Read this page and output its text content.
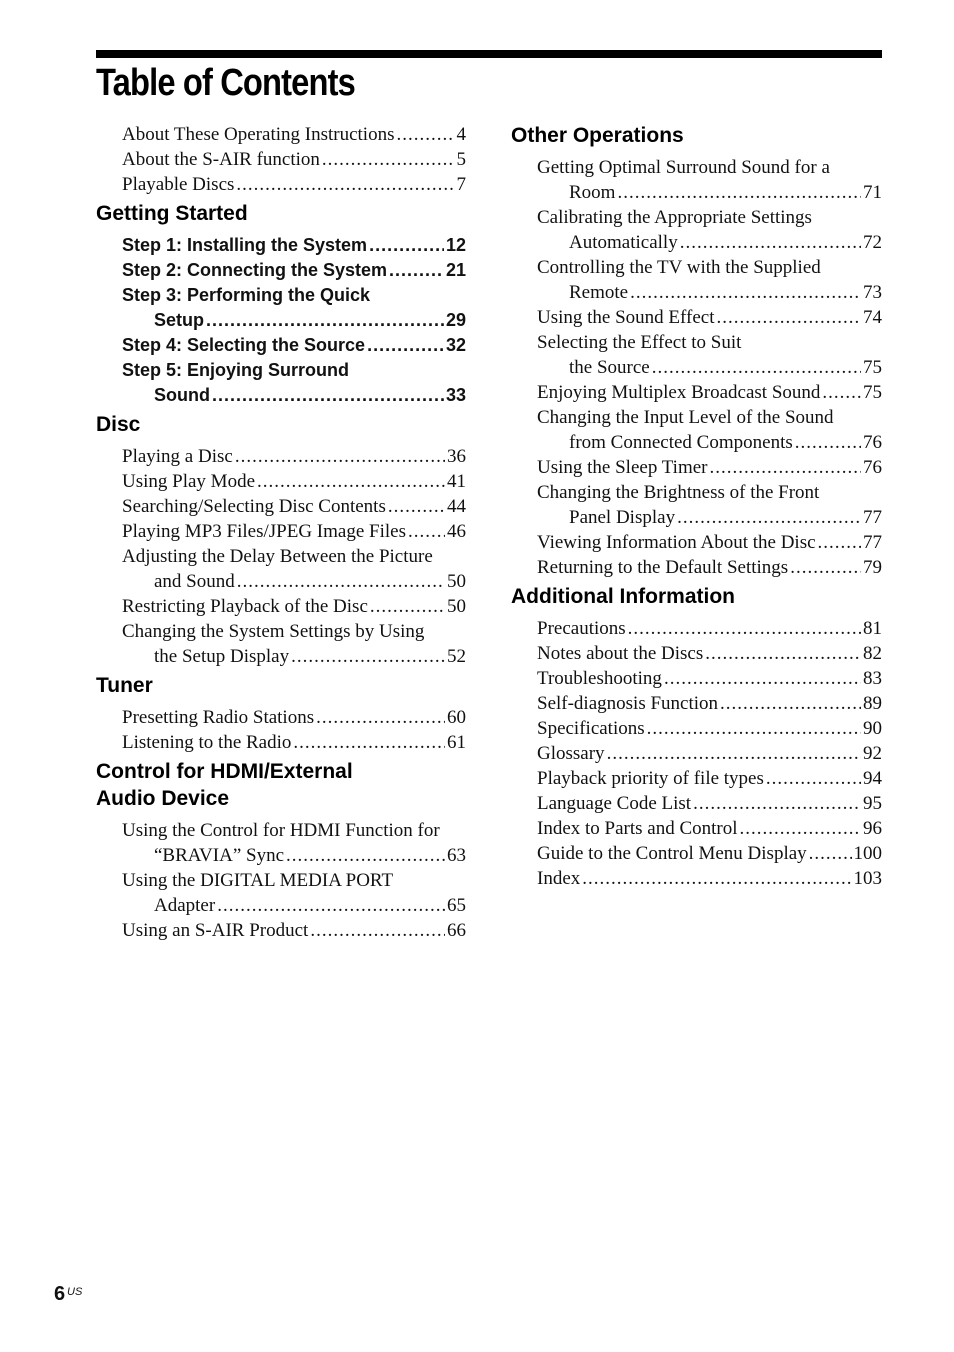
Table of Contents
About These Operating Instructions .....	4
About the S-AIR function .....	5
Playable Discs .....	7
Getting Started
Step 1: Installing the System .....	12
Step 2: Connecting the System .....	21
Step 3: Performing the Quick
Setup .....	29
Step 4: Selecting the Source .....	32
Step 5: Enjoying Surround
Sound .....	33
Disc
Playing a Disc .....	36
Using Play Mode .....	41
Searching/Selecting Disc Contents .....	44
Playing MP3 Files/JPEG Image Files ..... 46
Adjusting the Delay Between the Picture
and Sound .....	50
Restricting Playback of the Disc .....	50
Changing the System Settings by Using
the Setup Display .....	52
Tuner
Presetting Radio Stations .....	60
Listening to the Radio .....	61
Control for HDMI/External
Audio Device
Using the Control for HDMI Function for
“BRAVIA” Sync .....	63
Using the DIGITAL MEDIA PORT
Adapter .....	65
Using an S-AIR Product .....	66
Other Operations
Getting Optimal Surround Sound for a
Room .....	71
Calibrating the Appropriate Settings
Automatically .....	72
Controlling the TV with the Supplied
Remote .....	73
Using the Sound Effect .....	74
Selecting the Effect to Suit
the Source .....	75
Enjoying Multiplex Broadcast Sound ..... 75
Changing the Input Level of the Sound
from Connected Components .....	76
Using the Sleep Timer .....	76
Changing the Brightness of the Front
Panel Display .....	77
Viewing Information About the Disc ..... 77
Returning to the Default Settings .....	79
Additional Information
Precautions .....	81
Notes about the Discs .....	82
Troubleshooting .....	83
Self-diagnosis Function .....	89
Specifications .....	90
Glossary .....	92
Playback priority of file types .....	94
Language Code List .....	95
Index to Parts and Control .....	96
Guide to the Control Menu Display ..... 100
Index .....	103
6 US
